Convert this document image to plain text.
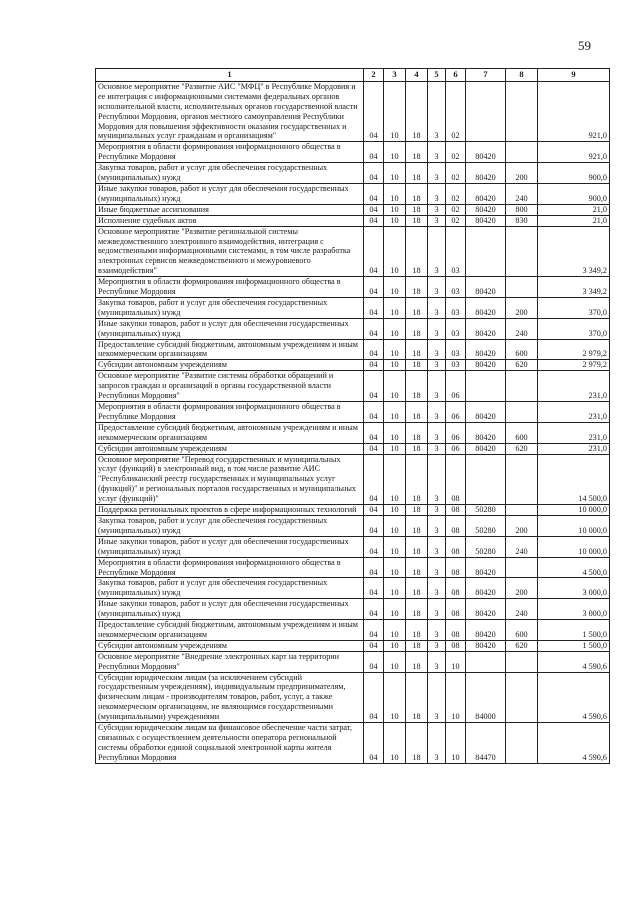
59
1	2	3	4	5	6	7	8	9
Основное мероприятие "Развитие АИС "МФЦ" в Республике Мордовия и ее интеграция с информационными системами федеральных органов исполнительной власти, исполнительных органов государственной власти Республики Мордовия, органов местного самоуправления Республики Мордовия для повышения эффективности оказания государственных и муниципальных услуг гражданам и организациям"	04	10	18	3	02			921,0
Мероприятия в области формирования информационного общества в Республике Мордовия	04	10	18	3	02	80420		921,0
Закупка товаров, работ и услуг для обеспечения государственных (муниципальных) нужд	04	10	18	3	02	80420	200	900,0
Иные закупки товаров, работ и услуг для обеспечения государственных (муниципальных) нужд	04	10	18	3	02	80420	240	900,0
Иные бюджетные ассигнования	04	10	18	3	02	80420	800	21,0
Исполнение судебных актов	04	10	18	3	02	80420	830	21,0
Основное мероприятие "Развитие региональной системы межведомственного электронного взаимодействия, интеграция с ведомственными информационными системами, в том числе разработка электронных сервисов межведомственного и межуровневого взаимодействия"	04	10	18	3	03			3 349,2
Мероприятия в области формирования информационного общества в Республике Мордовия	04	10	18	3	03	80420		3 349,2
Закупка товаров, работ и услуг для обеспечения государственных (муниципальных) нужд	04	10	18	3	03	80420	200	370,0
Иные закупки товаров, работ и услуг для обеспечения государственных (муниципальных) нужд	04	10	18	3	03	80420	240	370,0
Предоставление субсидий бюджетным, автономным учреждениям и иным некоммерческим организациям	04	10	18	3	03	80420	600	2 979,2
Субсидии автономным учреждениям	04	10	18	3	03	80420	620	2 979,2
Основное мероприятие "Развитие системы обработки обращений и запросов граждан и организаций в органы государственной власти Республики Мордовия"	04	10	18	3	06			231,0
Мероприятия в области формирования информационного общества в Республике Мордовия	04	10	18	3	06	80420		231,0
Предоставление субсидий бюджетным, автономным учреждениям и иным некоммерческим организациям	04	10	18	3	06	80420	600	231,0
Субсидии автономным учреждениям	04	10	18	3	06	80420	620	231,0
Основное мероприятие "Перевод государственных и муниципальных услуг (функций) в электронный вид, в том числе развитие АИС "Республиканский реестр государственных и муниципальных услуг (функций)" и региональных порталов государственных и муниципальных услуг (функций)"	04	10	18	3	08			14 500,0
Поддержка региональных проектов в сфере информационных технологий	04	10	18	3	08	50280		10 000,0
Закупка товаров, работ и услуг для обеспечения государственных (муниципальных) нужд	04	10	18	3	08	50280	200	10 000,0
Иные закупки товаров, работ и услуг для обеспечения государственных (муниципальных) нужд	04	10	18	3	08	50280	240	10 000,0
Мероприятия в области формирования информационного общества в Республике Мордовия	04	10	18	3	08	80420		4 500,0
Закупка товаров, работ и услуг для обеспечения государственных (муниципальных) нужд	04	10	18	3	08	80420	200	3 000,0
Иные закупки товаров, работ и услуг для обеспечения государственных (муниципальных) нужд	04	10	18	3	08	80420	240	3 000,0
Предоставление субсидий бюджетным, автономным учреждениям и иным некоммерческим организациям	04	10	18	3	08	80420	600	1 500,0
Субсидии автономным учреждениям	04	10	18	3	08	80420	620	1 500,0
Основное мероприятие "Внедрение электронных карт на территории Республики Мордовия"	04	10	18	3	10			4 590,6
Субсидии юридическим лицам (за исключением субсидий государственным учреждениям), индивидуальным предпринимателям, физическим лицам - производителям товаров, работ, услуг, а также некоммерческим организациям, не являющимся государственными (муниципальными) учреждениями	04	10	18	3	10	84000		4 590,6
Субсидии юридическим лицам на финансовое обеспечение части затрат, связанных с осуществлением деятельности оператора региональной системы обработки единой социальной электронной карты жителя Республики Мордовия	04	10	18	3	10	84470		4 590,6
